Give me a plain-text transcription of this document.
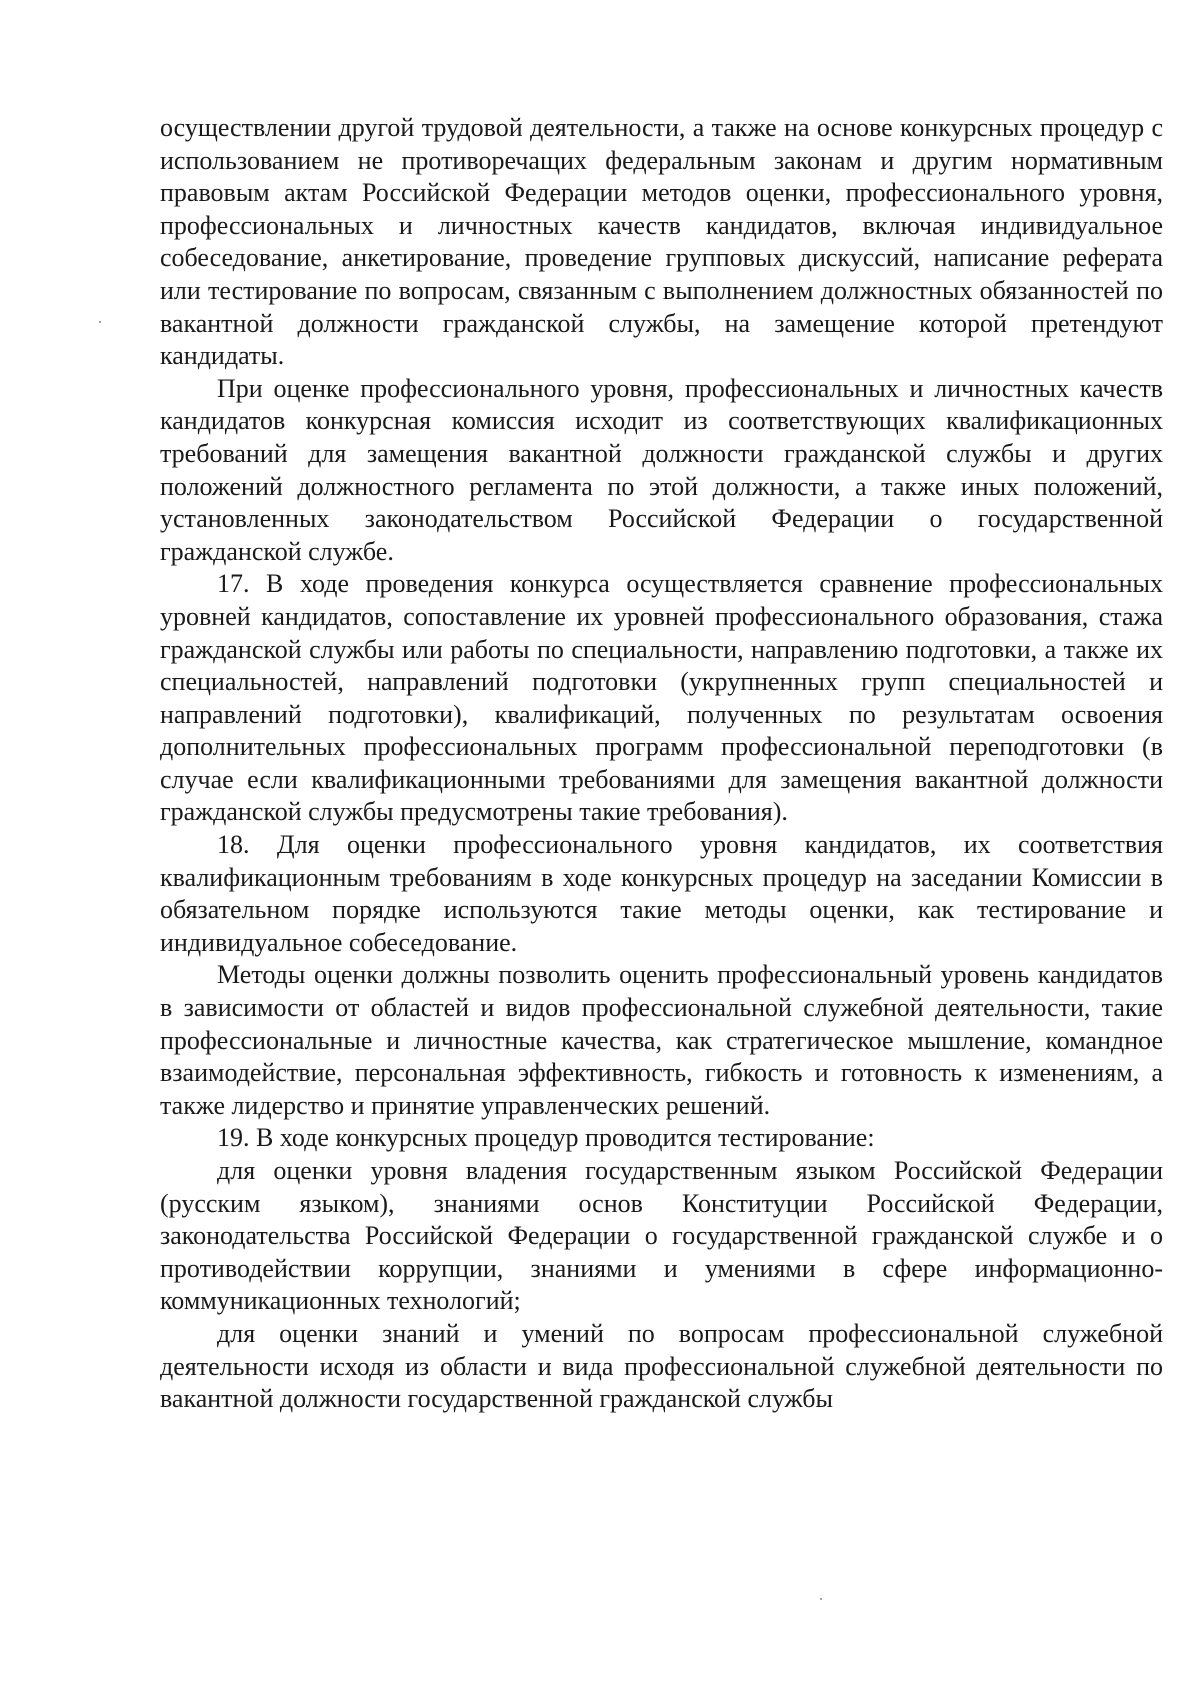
осуществлении другой трудовой деятельности, а также на основе конкурсных процедур с использованием не противоречащих федеральным законам и другим нормативным правовым актам Российской Федерации методов оценки, профессионального уровня, профессиональных и личностных качеств кандидатов, включая индивидуальное собеседование, анкетирование, проведение групповых дискуссий, написание реферата или тестирование по вопросам, связанным с выполнением должностных обязанностей по вакантной должности гражданской службы, на замещение которой претендуют кандидаты.

При оценке профессионального уровня, профессиональных и личностных качеств кандидатов конкурсная комиссия исходит из соответствующих квалификационных требований для замещения вакантной должности гражданской службы и других положений должностного регламента по этой должности, а также иных положений, установленных законодательством Российской Федерации о государственной гражданской службе.

17. В ходе проведения конкурса осуществляется сравнение профессиональных уровней кандидатов, сопоставление их уровней профессионального образования, стажа гражданской службы или работы по специальности, направлению подготовки, а также их специальностей, направлений подготовки (укрупненных групп специальностей и направлений подготовки), квалификаций, полученных по результатам освоения дополнительных профессиональных программ профессиональной переподготовки (в случае если квалификационными требованиями для замещения вакантной должности гражданской службы предусмотрены такие требования).

18. Для оценки профессионального уровня кандидатов, их соответствия квалификационным требованиям в ходе конкурсных процедур на заседании Комиссии в обязательном порядке используются такие методы оценки, как тестирование и индивидуальное собеседование.

Методы оценки должны позволить оценить профессиональный уровень кандидатов в зависимости от областей и видов профессиональной служебной деятельности, такие профессиональные и личностные качества, как стратегическое мышление, командное взаимодействие, персональная эффективность, гибкость и готовность к изменениям, а также лидерство и принятие управленческих решений.

19. В ходе конкурсных процедур проводится тестирование:

для оценки уровня владения государственным языком Российской Федерации (русским языком), знаниями основ Конституции Российской Федерации, законодательства Российской Федерации о государственной гражданской службе и о противодействии коррупции, знаниями и умениями в сфере информационно-коммуникационных технологий;

для оценки знаний и умений по вопросам профессиональной служебной деятельности исходя из области и вида профессиональной служебной деятельности по вакантной должности государственной гражданской службы
